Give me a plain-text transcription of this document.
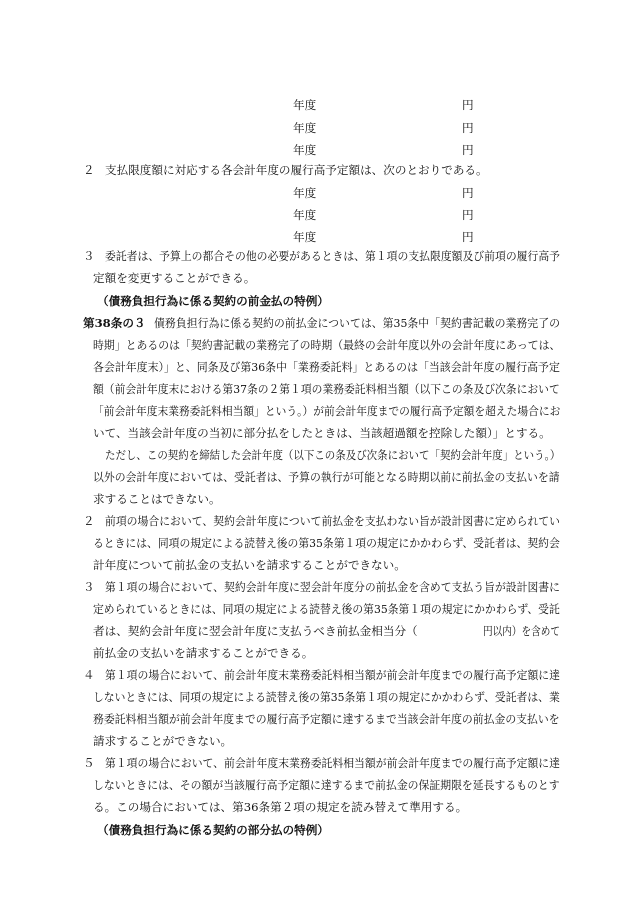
年度	円
年度	円
年度	円
２ 支払限度額に対応する各会計年度の履行高予定額は、次のとおりである。
年度	円
年度	円
年度	円
３ 委託者は、予算上の都合その他の必要があるときは、第１項の支払限度額及び前項の履行高予
定額を変更することができる。
（債務負担行為に係る契約の前金払の特例）
第38条の３ 債務負担行為に係る契約の前払金については、第35条中「契約書記載の業務完了の
時期」とあるのは「契約書記載の業務完了の時期（最終の会計年度以外の会計年度にあっては、
各会計年度末）」と、同条及び第36条中「業務委託料」とあるのは「当該会計年度の履行高予定
額（前会計年度末における第37条の２第１項の業務委託料相当額（以下この条及び次条において
「前会計年度末業務委託料相当額」という。）が前会計年度までの履行高予定額を超えた場合にお
いて、当該会計年度の当初に部分払をしたときは、当該超過額を控除した額）」とする。
ただし、この契約を締結した会計年度（以下この条及び次条において「契約会計年度」という。）
以外の会計年度においては、受託者は、予算の執行が可能となる時期以前に前払金の支払いを請
求することはできない。
２ 前項の場合において、契約会計年度について前払金を支払わない旨が設計図書に定められてい
るときには、同項の規定による読替え後の第35条第１項の規定にかかわらず、受託者は、契約会
計年度について前払金の支払いを請求することができない。
３ 第１項の場合において、契約会計年度に翌会計年度分の前払金を含めて支払う旨が設計図書に
定められているときには、同項の規定による読替え後の第35条第１項の規定にかかわらず、受託
者は、契約会計年度に翌会計年度に支払うべき前払金相当分（	円以内）を含めて
前払金の支払いを請求することができる。
４ 第１項の場合において、前会計年度末業務委託料相当額が前会計年度までの履行高予定額に達
しないときには、同項の規定による読替え後の第35条第１項の規定にかかわらず、受託者は、業
務委託料相当額が前会計年度までの履行高予定額に達するまで当該会計年度の前払金の支払いを
請求することができない。
５ 第１項の場合において、前会計年度末業務委託料相当額が前会計年度までの履行高予定額に達
しないときには、その額が当該履行高予定額に達するまで前払金の保証期限を延長するものとす
る。この場合においては、第36条第２項の規定を読み替えて準用する。
（債務負担行為に係る契約の部分払の特例）
